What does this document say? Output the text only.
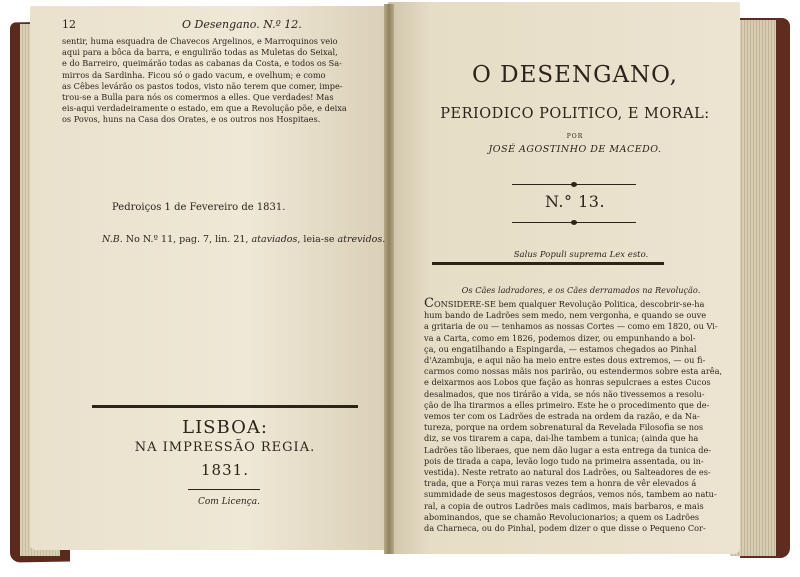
12	O Desengano. N.º 12.

sentir, huma esquadra de Chavecos Argelinos, e Marroquinos veio

aqui para a bôca da barra, e engulirão todas as Muletas do Seixal,

e do Barreiro, queimárão todas as cabanas da Costa, e todos os Sa-

mirros da Sardinha. Ficou só o gado vacum, e ovelhum; e como

as Cêbes levárão os pastos todos, visto não terem que comer, impe-

trou-se a Bulla para nós os comermos a elles. Que verdades! Mas

eis-aqui verdadeiramente o estado, em que a Revolução põe, e deixa

os Povos, huns na Casa dos Orates, e os outros nos Hospitaes.

Pedroiços 1 de Fevereiro de 1831.
N.B. No N.º 11, pag. 7, lin. 21, ataviados, leia-se atrevidos.
LISBOA:
NA IMPRESSÃO REGIA.
1831.
Com Licença.
O DESENGANO,
PERIODICO POLITICO, E MORAL:
POR
JOSÉ AGOSTINHO DE MACEDO.
N.° 13.
Salus Populi suprema Lex esto.
Os Cães ladradores, e os Cães derramados na Revolução.

CONSIDERE-SE bem qualquer Revolução Politica, descobrir-se-ha

hum bando de Ladrões sem medo, nem vergonha, e quando se ouve

a gritaria de ou — tenhamos as nossas Cortes — como em 1820, ou Vi-

va a Carta, como em 1826, podemos dizer, ou empunhando a bol-

ça, ou engatilhando a Espingarda, — estamos chegados ao Pinhal

d'Azambuja, e aqui não ha meio entre estes dous extremos, — ou fi-

carmos como nossas mãis nos parirão, ou estendermos sobre esta arêa,

e deixarmos aos Lobos que fação as honras sepulcraes a estes Cucos

desalmados, que nos tirárão a vida, se nós não tivessemos a resolu-

ção de lha tirarmos a elles primeiro. Este he o procedimento que de-

vemos ter com os Ladrões de estrada na ordem da razão, e da Na-

tureza, porque na ordem sobrenatural da Revelada Filosofia se nos

diz, se vos tirarem a capa, dai-lhe tambem a tunica; (ainda que ha

Ladrões tão liberaes, que nem dão lugar a esta entrega da tunica de-

pois de tirada a capa, levão logo tudo na primeira assentada, ou in-

vestida). Neste retrato ao natural dos Ladrões, ou Salteadores de es-

trada, que a Força mui raras vezes tem a honra de vêr elevados á

summidade de seus magestosos degráos, vemos nós, tambem ao natu-

ral, a copia de outros Ladrões mais cadimos, mais barbaros, e mais

abominandos, que se chamão Revolucionarios; a quem os Ladrões

da Charneca, ou do Pinhal, podem dizer o que disse o Pequeno Cor-
